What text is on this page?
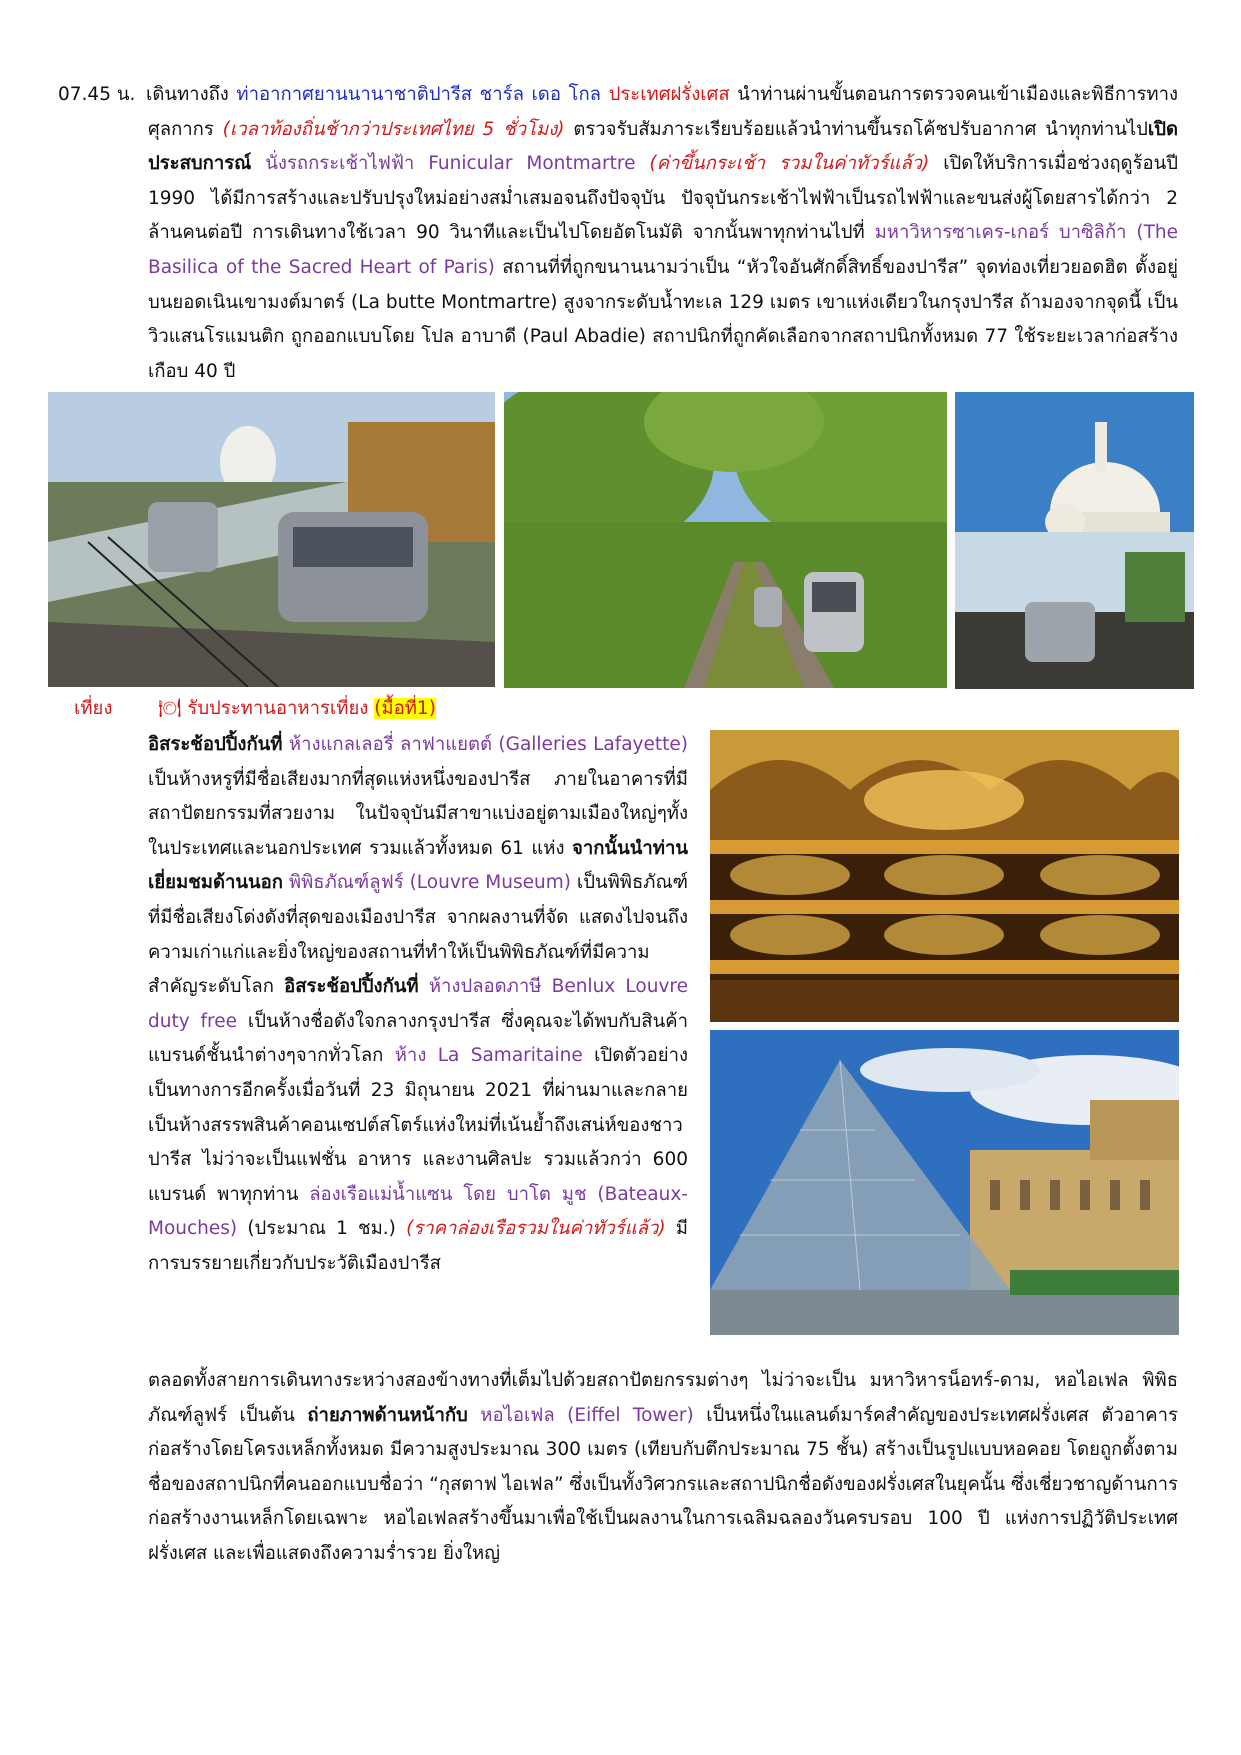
07.45 น. เดินทางถึง ท่าอากาศยานนานาชาติปารีส ชาร์ล เดอ โกล ประเทศฝรั่งเศส นำท่านผ่านขั้นตอนการตรวจคนเข้าเมืองและพิธีการทางศุลกากร (เวลาท้องถิ่นช้ากว่าประเทศไทย 5 ชั่วโมง) ตรวจรับสัมภาระเรียบร้อยแล้วนำท่านขึ้นรถโค้ชปรับอากาศ นำทุกท่านไปเปิดประสบการณ์ นั่งรถกระเช้าไฟฟ้า Funicular Montmartre (ค่าขึ้นกระเช้า รวมในค่าทัวร์แล้ว) เปิดให้บริการเมื่อช่วงฤดูร้อนปี 1990 ได้มีการสร้างและปรับปรุงใหม่อย่างสม่ำเสมอจนถึงปัจจุบัน ปัจจุบันกระเช้าไฟฟ้าเป็นรถไฟฟ้าและขนส่งผู้โดยสารได้กว่า 2 ล้านคนต่อปี การเดินทางใช้เวลา 90 วินาทีและเป็นไปโดยอัตโนมัติ จากนั้นพาทุกท่านไปที่ มหาวิหารซาเคร-เกอร์ บาซิลิก้า (The Basilica of the Sacred Heart of Paris) สถานที่ที่ถูกขนานนามว่าเป็น “หัวใจอันศักดิ์สิทธิ์ของปารีส” จุดท่องเที่ยวยอดฮิต ตั้งอยู่บนยอดเนินเขามงต์มาตร์ (La butte Montmartre) สูงจากระดับน้ำทะเล 129 เมตร เขาแห่งเดียวในกรุงปารีส ถ้ามองจากจุดนี้ เป็นวิวแสนโรแมนติก ถูกออกแบบโดย โปล อาบาดี (Paul Abadie) สถาปนิกที่ถูกคัดเลือกจากสถาปนิกทั้งหมด 77 ใช้ระยะเวลาก่อสร้างเกือบ 40 ปี
เที่ยง 🍽 รับประทานอาหารเที่ยง (มื้อที่1)
อิสระช้อปปิ้งกันที่ ห้างแกลเลอรี่ ลาฟาแยตต์ (Galleries Lafayette) เป็นห้างหรูที่มีชื่อเสียงมากที่สุดแห่งหนึ่งของปารีส ภายในอาคารที่มีสถาปัตยกรรมที่สวยงาม ในปัจจุบันมีสาขาแบ่งอยู่ตามเมืองใหญ่ๆทั้งในประเทศและนอกประเทศ รวมแล้วทั้งหมด 61 แห่ง จากนั้นนำท่านเยี่ยมชมด้านนอก พิพิธภัณฑ์ลูฟร์ (Louvre Museum) เป็นพิพิธภัณฑ์ที่มีชื่อเสียงโด่งดังที่สุดของเมืองปารีส จากผลงานที่จัด แสดงไปจนถึงความเก่าแก่และยิ่งใหญ่ของสถานที่ทำให้เป็นพิพิธภัณฑ์ที่มีความสำคัญระดับโลก อิสระช้อปปิ้งกันที่ ห้างปลอดภาษี Benlux Louvre duty free เป็นห้างชื่อดังใจกลางกรุงปารีส ซึ่งคุณจะได้พบกับสินค้าแบรนด์ชั้นนำต่างๆจากทั่วโลก ห้าง La Samaritaine เปิดตัวอย่างเป็นทางการอีกครั้งเมื่อวันที่ 23 มิถุนายน 2021 ที่ผ่านมาและกลายเป็นห้างสรรพสินค้าคอนเซปต์สโตร์แห่งใหม่ที่เน้นย้ำถึงเสน่ห์ของชาวปารีส ไม่ว่าจะเป็นแฟชั่น อาหาร และงานศิลปะ รวมแล้วกว่า 600 แบรนด์ พาทุกท่าน ล่องเรือแม่น้ำแซน โดย บาโต มูช (Bateaux-Mouches) (ประมาณ 1 ชม.) (ราคาล่องเรือรวมในค่าทัวร์แล้ว) มีการบรรยายเกี่ยวกับประวัติเมืองปารีส
ตลอดทั้งสายการเดินทางระหว่างสองข้างทางที่เต็มไปด้วยสถาปัตยกรรมต่างๆ ไม่ว่าจะเป็น มหาวิหารน็อทร์-ดาม, หอไอเฟล พิพิธภัณฑ์ลูฟร์ เป็นต้น ถ่ายภาพด้านหน้ากับ หอไอเฟล (Eiffel Tower) เป็นหนึ่งในแลนด์มาร์คสำคัญของประเทศฝรั่งเศส ตัวอาคารก่อสร้างโดยโครงเหล็กทั้งหมด มีความสูงประมาณ 300 เมตร (เทียบกับตึกประมาณ 75 ชั้น) สร้างเป็นรูปแบบหอคอย โดยถูกตั้งตามชื่อของสถาปนิกที่คนออกแบบชื่อว่า “กุสตาฟ ไอเฟล” ซึ่งเป็นทั้งวิศวกรและสถาปนิกชื่อดังของฝรั่งเศสในยุคนั้น ซึ่งเชี่ยวชาญด้านการก่อสร้างงานเหล็กโดยเฉพาะ หอไอเฟลสร้างขึ้นมาเพื่อใช้เป็นผลงานในการเฉลิมฉลองวันครบรอบ 100 ปี แห่งการปฏิวัติประเทศฝรั่งเศส และเพื่อแสดงถึงความร่ำรวย ยิ่งใหญ่
